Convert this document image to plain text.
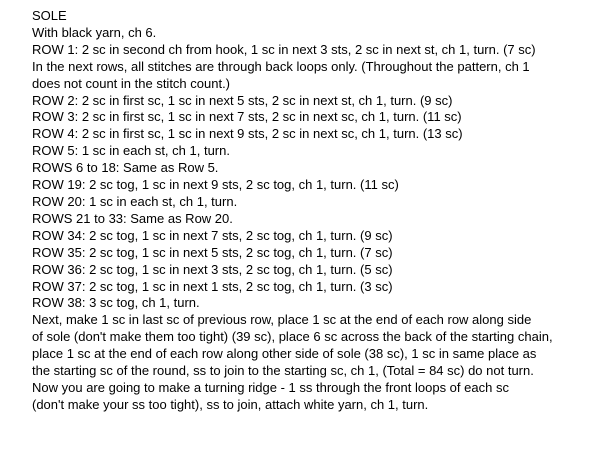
SOLE
With black yarn, ch 6.
ROW 1: 2 sc in second ch from hook, 1 sc in next 3 sts, 2 sc in next st, ch 1, turn. (7 sc)
In the next rows, all stitches are through back loops only. (Throughout the pattern, ch 1
does not count in the stitch count.)
ROW 2: 2 sc in first sc, 1 sc in next 5 sts, 2 sc in next st, ch 1, turn. (9 sc)
ROW 3: 2 sc in first sc, 1 sc in next 7 sts, 2 sc in next sc, ch 1, turn. (11 sc)
ROW 4: 2 sc in first sc, 1 sc in next 9 sts, 2 sc in next sc, ch 1, turn. (13 sc)
ROW 5: 1 sc in each st, ch 1, turn.
ROWS 6 to 18: Same as Row 5.
ROW 19: 2 sc tog, 1 sc in next 9 sts, 2 sc tog, ch 1, turn. (11 sc)
ROW 20: 1 sc in each st, ch 1, turn.
ROWS 21 to 33: Same as Row 20.
ROW 34: 2 sc tog, 1 sc in next 7 sts, 2 sc tog, ch 1, turn. (9 sc)
ROW 35: 2 sc tog, 1 sc in next 5 sts, 2 sc tog, ch 1, turn. (7 sc)
ROW 36: 2 sc tog, 1 sc in next 3 sts, 2 sc tog, ch 1, turn. (5 sc)
ROW 37: 2 sc tog, 1 sc in next 1 sts, 2 sc tog, ch 1, turn. (3 sc)
ROW 38: 3 sc tog, ch 1, turn.
Next, make 1 sc in last sc of previous row, place 1 sc at the end of each row along side
of sole (don't make them too tight) (39 sc), place 6 sc across the back of the starting chain,
place 1 sc at the end of each row along other side of sole (38 sc), 1 sc in same place as
the starting sc of the round, ss to join to the starting sc, ch 1, (Total = 84 sc) do not turn.
Now you are going to make a turning ridge - 1 ss through the front loops of each sc
(don't make your ss too tight), ss to join, attach white yarn, ch 1, turn.
